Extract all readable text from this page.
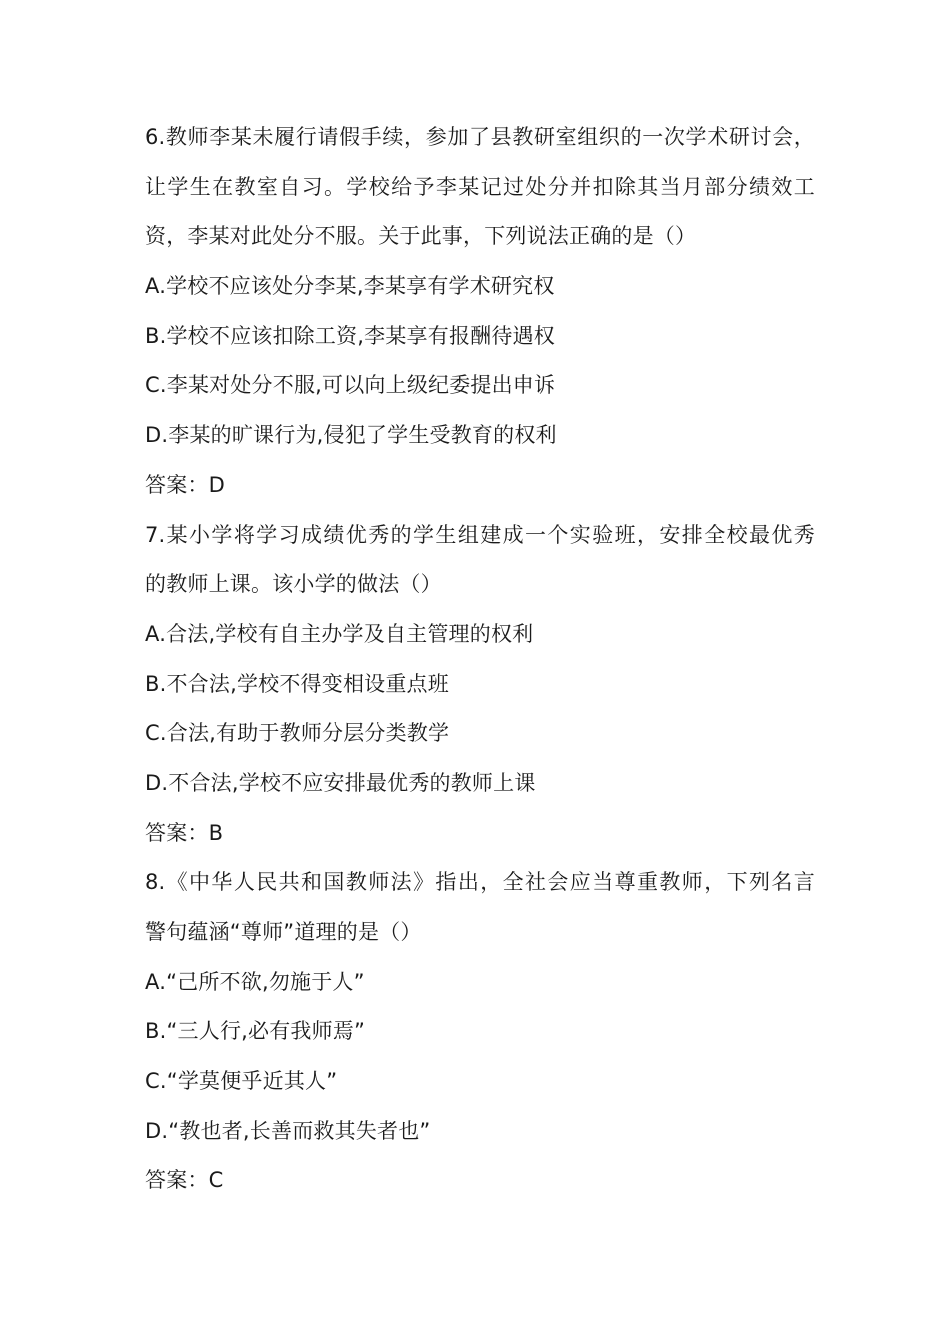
6.教师李某未履行请假手续，参加了县教研室组织的一次学术研讨会，
让学生在教室自习。学校给予李某记过处分并扣除其当月部分绩效工
资，李某对此处分不服。关于此事，下列说法正确的是（）
A.学校不应该处分李某,李某享有学术研究权
B.学校不应该扣除工资,李某享有报酬待遇权
C.李某对处分不服,可以向上级纪委提出申诉
D.李某的旷课行为,侵犯了学生受教育的权利
答案：D
7.某小学将学习成绩优秀的学生组建成一个实验班，安排全校最优秀
的教师上课。该小学的做法（）
A.合法,学校有自主办学及自主管理的权利
B.不合法,学校不得变相设重点班
C.合法,有助于教师分层分类教学
D.不合法,学校不应安排最优秀的教师上课
答案：B
8.《中华人民共和国教师法》指出，全社会应当尊重教师，下列名言
警句蕴涵“尊师”道理的是（）
A.“己所不欲,勿施于人”
B.“三人行,必有我师焉”
C.“学莫便乎近其人”
D.“教也者,长善而救其失者也”
答案：C
